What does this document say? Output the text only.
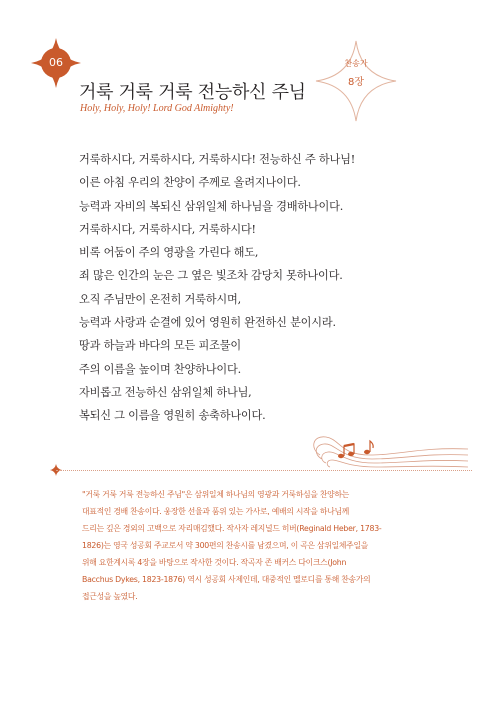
06	찬송가
8장
거룩 거룩 거룩 전능하신 주님
Holy, Holy, Holy! Lord God Almighty!
거룩하시다, 거룩하시다, 거룩하시다! 전능하신 주 하나님!
이른 아침 우리의 찬양이 주께로 올려지나이다.
능력과 자비의 복되신 삼위일체 하나님을 경배하나이다.
거룩하시다, 거룩하시다, 거룩하시다!
비록 어둠이 주의 영광을 가린다 해도,
죄 많은 인간의 눈은 그 옆은 빛조차 감당치 못하나이다.
오직 주님만이 온전히 거룩하시며,
능력과 사랑과 순결에 있어 영원히 완전하신 분이시라.
땅과 하늘과 바다의 모든 피조물이
주의 이름을 높이며 찬양하나이다.
자비롭고 전능하신 삼위일체 하나님,
복되신 그 이름을 영원히 송축하나이다.
"거룩 거룩 거룩 전능하신 주님"은 삼위일체 하나님의 영광과 거룩하심을 찬양하는
대표적인 경배 찬송이다. 웅장한 선율과 품위 있는 가사로, 예배의 시작을 하나님께
드리는 깊은 경외의 고백으로 자리매김했다. 작사자 레지널드 히버(Reginald Heber, 1783-
1826)는 영국 성공회 주교로서 약 300편의 찬송시를 남겼으며, 이 곡은 삼위일체주일을
위해 요한계시록 4장을 바탕으로 작사한 것이다. 작곡자 존 배커스 다이크스(John
Bacchus Dykes, 1823-1876) 역시 성공회 사제인데, 대중적인 멜로디를 통해 찬송가의
접근성을 높였다.
